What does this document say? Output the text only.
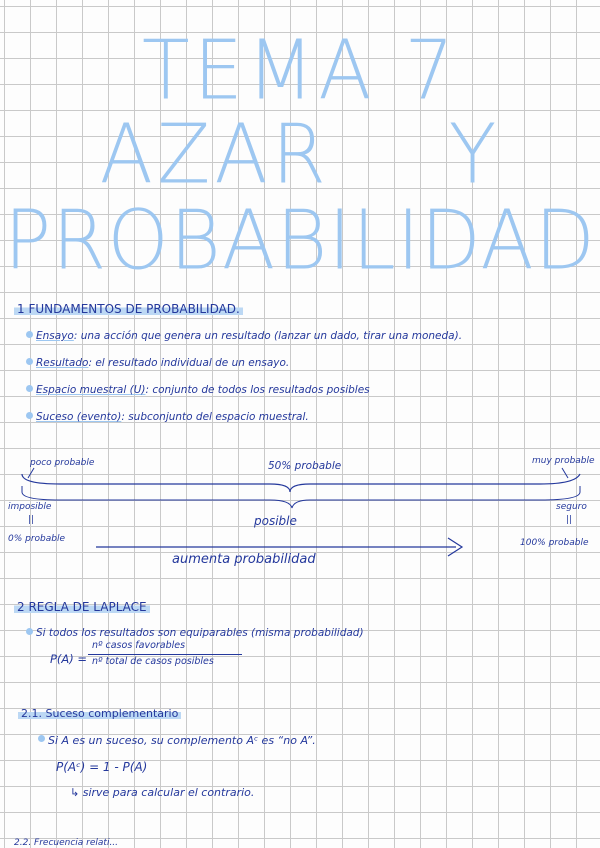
TEMA 7
AZAR Y
PROBABILIDAD
1 FUNDAMENTOS DE PROBABILIDAD.
Ensayo: una acción que genera un resultado (lanzar un dado, tirar una moneda).
Resultado: el resultado individual de un ensayo.
Espacio muestral (U): conjunto de todos los resultados posibles
Suceso (evento): subconjunto del espacio muestral.
poco probable	50% probable	muy probable
imposible
||
0% probable
posible
seguro
||
100% probable
aumenta probabilidad
2 REGLA DE LAPLACE
Si todos los resultados son equiparables (misma probabilidad)
P(A) =
nº casos favorables
nº total de casos posibles
2.1. Suceso complementario
Si A es un suceso, su complemento Aᶜ es “no A”.
P(Aᶜ) = 1 - P(A)
↳ sirve para calcular el contrario.
2.2. Frecuencia relati...
